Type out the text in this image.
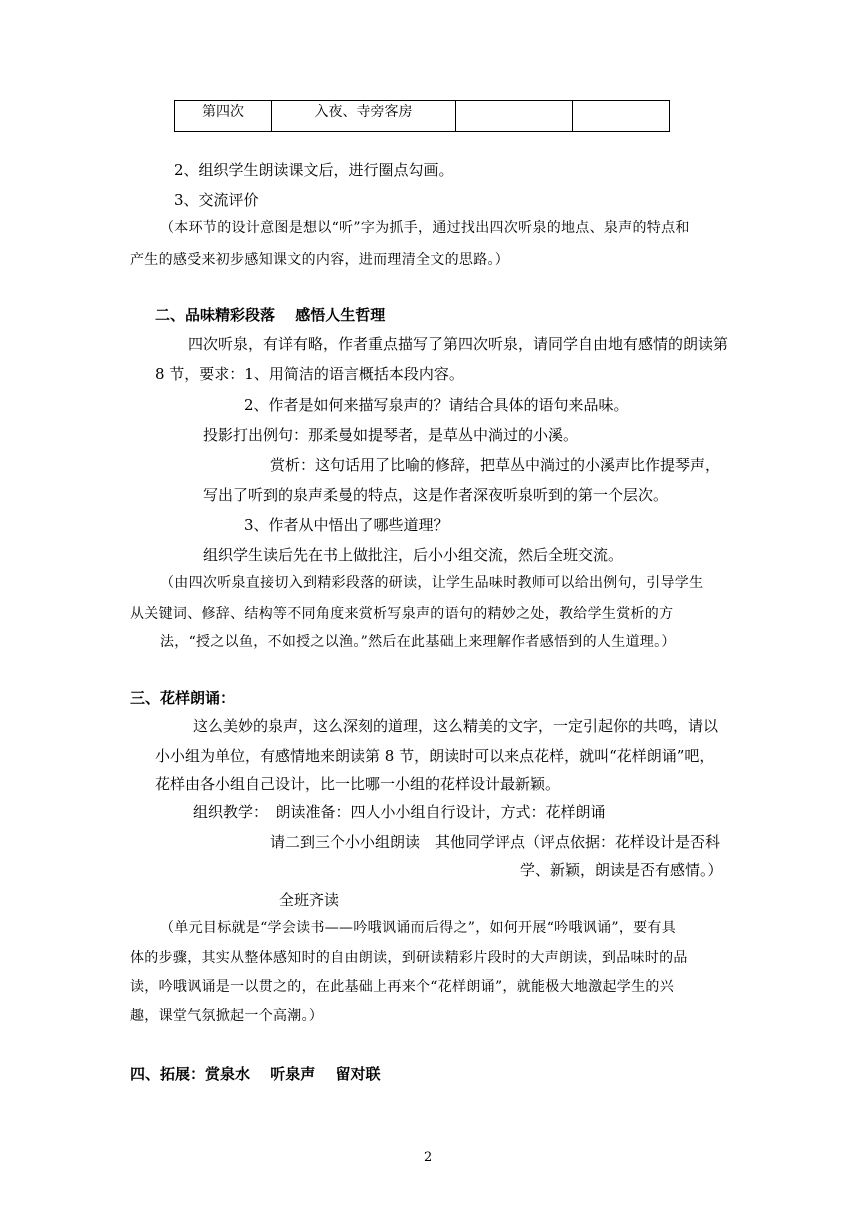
第四次	入夜、寺旁客房		
2、组织学生朗读课文后，进行圈点勾画。
3、交流评价
（本环节的设计意图是想以“听”字为抓手，通过找出四次听泉的地点、泉声的特点和
产生的感受来初步感知课文的内容，进而理清全文的思路。）
二、品味精彩段落　 感悟人生哲理
四次听泉，有详有略，作者重点描写了第四次听泉，请同学自由地有感情的朗读第
8 节，要求：1、用简洁的语言概括本段内容。
2、作者是如何来描写泉声的？请结合具体的语句来品味。
投影打出例句：那柔曼如提琴者，是草丛中淌过的小溪。
赏析：这句话用了比喻的修辞，把草丛中淌过的小溪声比作提琴声，
写出了听到的泉声柔曼的特点，这是作者深夜听泉听到的第一个层次。
3、作者从中悟出了哪些道理？
组织学生读后先在书上做批注，后小小组交流，然后全班交流。
（由四次听泉直接切入到精彩段落的研读，让学生品味时教师可以给出例句，引导学生
从关键词、修辞、结构等不同角度来赏析写泉声的语句的精妙之处，教给学生赏析的方
法，“授之以鱼，不如授之以渔。”然后在此基础上来理解作者感悟到的人生道理。）
三、花样朗诵：
这么美妙的泉声，这么深刻的道理，这么精美的文字，一定引起你的共鸣，请以
小小组为单位，有感情地来朗读第 8 节，朗读时可以来点花样，就叫“花样朗诵”吧，
花样由各小组自己设计，比一比哪一小组的花样设计最新颖。
组织教学：　朗读准备：四人小小组自行设计，方式：花样朗诵
请二到三个小小组朗读　其他同学评点（评点依据：花样设计是否科
学、新颖，朗读是否有感情。）
全班齐读
（单元目标就是“学会读书——吟哦讽诵而后得之”，如何开展“吟哦讽诵”，要有具
体的步骤，其实从整体感知时的自由朗读，到研读精彩片段时的大声朗读，到品味时的品
读，吟哦讽诵是一以贯之的，在此基础上再来个“花样朗诵”，就能极大地激起学生的兴
趣，课堂气氛掀起一个高潮。）
四、拓展：赏泉水　 听泉声　 留对联
2
